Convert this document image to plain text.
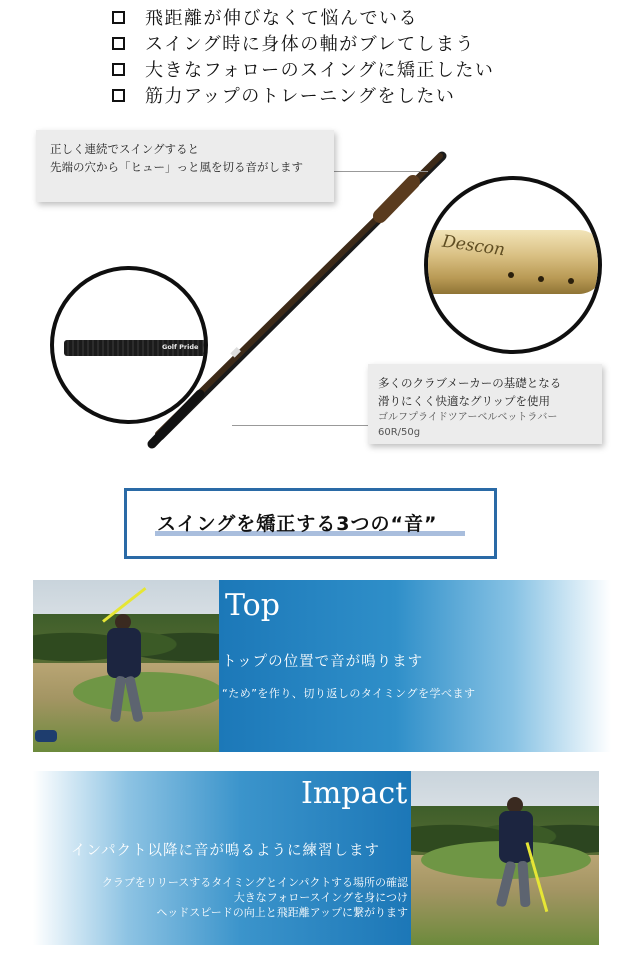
飛距離が伸びなくて悩んでいる
スイング時に身体の軸がブレてしまう
大きなフォローのスイングに矯正したい
筋力アップのトレーニングをしたい
正しく連続でスイングすると
先端の穴から「ヒュー」っと風を切る音がします
多くのクラブメーカーの基礎となる
滑りにくく快適なグリップを使用
ゴルフプライドツアーベルベットラバー
60R/50g
Golf Pride
Descon
スイングを矯正する3つの“音”
Top
トップの位置で音が鳴ります
“ため”を作り、切り返しのタイミングを学べます
Impact
インパクト以降に音が鳴るように練習します
クラブをリリースするタイミングとインパクトする場所の確認
大きなフォロースイングを身につけ
ヘッドスピードの向上と飛距離アップに繋がります
